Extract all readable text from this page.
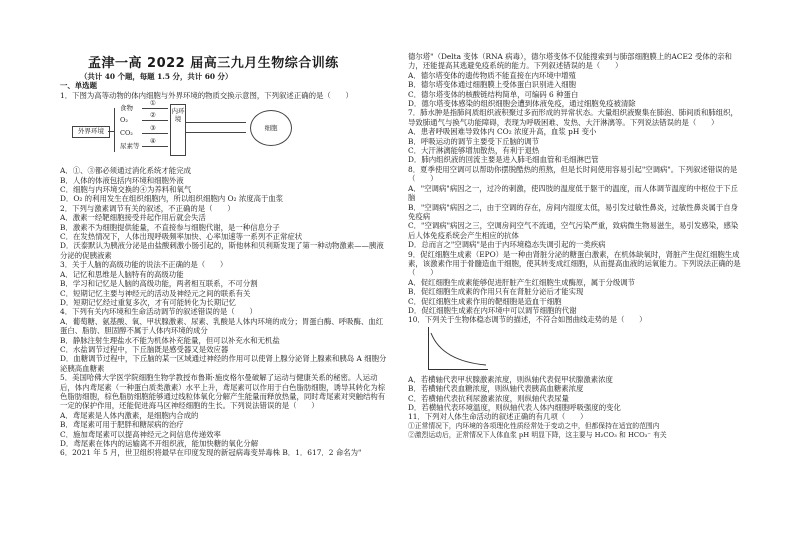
孟津一高 2022 届高三九月生物综合训练
（共计 40 个题，每题 1.5 分，共计 60 分）
一、单选题
1．下图为高等动物的体内细胞与外界环境的物质交换示意图，下列叙述正确的是（　　）
外界环境
食物
O₂
CO₂
尿素等
①
②
③
④
内环境
细胞
A．①、③都必须通过消化系统才能完成
B．人体的体液包括内环境和细胞外液
C．细胞与内环境交换的④为养料和氧气
D．O₂ 的利用发生在组织细胞内，所以组织细胞内 O₂ 浓度高于血浆
2．下列与激素调节有关的叙述，不正确的是（　　）
A．激素一经靶细胞接受并起作用后就会失活
B．激素不为细胞提供能量，不直接参与细胞代谢，是一种信息分子
C．在发热情况下，人体出现呼吸频率加快、心率加速等一系列不正常症状
D．沃泰默认为胰液分泌是由盐酸刺激小肠引起的，斯他林和贝利斯发现了第一种动物激素——胰液分泌的促胰液素
3．关于人脑的高级功能的说法不正确的是（　　）
A．记忆和思维是人脑特有的高级功能
B．学习和记忆是人脑的高级功能，两者相互联系，不可分割
C．短期记忆主要与神经元的活动及神经元之间的联系有关
D．短期记忆经过重复多次，才有可能转化为长期记忆
4．下列有关内环境和生命活动调节的叙述错误的是（　　）
A．葡萄糖、氨基酸、氧、甲状腺激素、尿素、乳酸是人体内环境的成分；胃蛋白酶、呼吸酶、血红蛋白、脂肪、胆固醇不属于人体内环境的成分
B．静脉注射生理盐水不能为机体补充能量，但可以补充水和无机盐
C．水盐调节过程中，下丘脑既是感受器又是效应器
D．血糖调节过程中，下丘脑的某一区域通过神经的作用可以使肾上腺分泌肾上腺素和胰岛 A 细胞分泌胰高血糖素
5．美国哈佛大学医学院细胞生物学教授布鲁斯·施皮格尔曼破解了运动与健康关系的秘密。人运动后，体内鸢尾素（一种蛋白质类激素）水平上升，鸢尾素可以作用于白色脂肪细胞，诱导其转化为棕色脂肪细胞，棕色脂肪细胞能够通过线粒体氧化分解产生能量而释放热量，同时鸢尾素对突触结构有一定的保护作用，还能促进海马区神经细胞的生长。下列说法错误的是（　　）
A．鸢尾素是人体内激素，是细胞内合成的
B．鸢尾素可用于肥胖和糖尿病的治疗
C．施加鸢尾素可以提高神经元之间信息传递效率
D．鸢尾素在体内的运输离不开组织液，能加快糖的氧化分解
6．2021 年 5 月，世卫组织将最早在印度发现的新冠病毒变异毒株 B．1．617．2 命名为"
德尔塔"（Delta 变体（RNA 病毒），德尔塔变体不仅能搜索到与肺部细胞膜上的ACE2 受体的亲和力，还能提高其逃避免疫系统的能力。下列叙述错误的是（　　）
A．德尔塔变体的遗传物质不能直接在内环境中增殖
B．德尔塔变体通过细胞膜上受体蛋白识别进入细胞
C．德尔塔变体的核酸链结构简单，可编码 6 种蛋白
D．德尔塔变体感染的组织细胞会遭到体液免疫，通过细胞免疫被清除
7．肺水肿是指肺间质组织液积聚过多而形成的异常状态。大量组织液聚集在肺泡、肺间质和肺组织，导致肺通气与换气功能障碍，表现为呼吸困难、发热、大汗淋漓等。下列说法错误的是（　　）
A．患者呼吸困难导致体内 CO₂ 浓度升高，血浆 pH 变小
B．呼吸运动的调节主要受下丘脑的调节
C．大汗淋漓能够增加散热，有利于退热
D．肺内组织液的回流主要是进入肺毛细血管和毛细淋巴管
8．夏季使用空调可以帮助你摆脱酷热的煎熬，但是长时间使用容易引起"空调病"。下列叙述错误的是（　　）
A．"空调病"病因之一，过冷的刺激，使四肢的温度低于躯干的温度，而人体调节温度的中枢位于下丘脑
B．"空调病"病因之二，由于空调的存在，房间内湿度太低，易引发过敏性鼻炎，过敏性鼻炎属于自身免疫病
C．"空调病"病因之三，空调房间空气不流通，空气污染严重，致病微生物易滋生，易引发感染，感染后人体免疫系统会产生相应的抗体
D．总而言之"空调病"是由于内环境稳态失调引起的一类疾病
9．促红细胞生成素（EPO）是一种由肾脏分泌的糖蛋白激素，在机体缺氧时，肾脏产生促红细胞生成素，该激素作用于骨髓造血干细胞，使其转变成红细胞，从而提高血液的运氧能力。下列说法正确的是（　　）
A．促红细胞生成素能够促进肝脏产生红细胞生成酶原，属于分级调节
B．促红细胞生成素的作用只有在肾脏分泌后才能实现
C．促红细胞生成素作用的靶细胞是造血干细胞
D．促红细胞生成素在内环境中可以调节细胞的代谢
10．下列关于生物体稳态调节的描述，不符合如图曲线走势的是（　　）
A．若横轴代表甲状腺激素浓度，则纵轴代表促甲状腺激素浓度
B．若横轴代表血糖浓度，则纵轴代表胰高血糖素浓度
C．若横轴代表抗利尿激素浓度，则纵轴代表尿量
D．若横轴代表环境温度，则纵轴代表人体内细胞呼吸强度的变化
11．下列对人体生命活动的叙述正确的有几项（　　）
①正常情况下，内环境的各项理化性质经常处于变动之中，但都保持在适宜的范围内
②激烈运动后，正常情况下人体血浆 pH 明显下降，这主要与 H₂CO₃ 和 HCO₃⁻ 有关
